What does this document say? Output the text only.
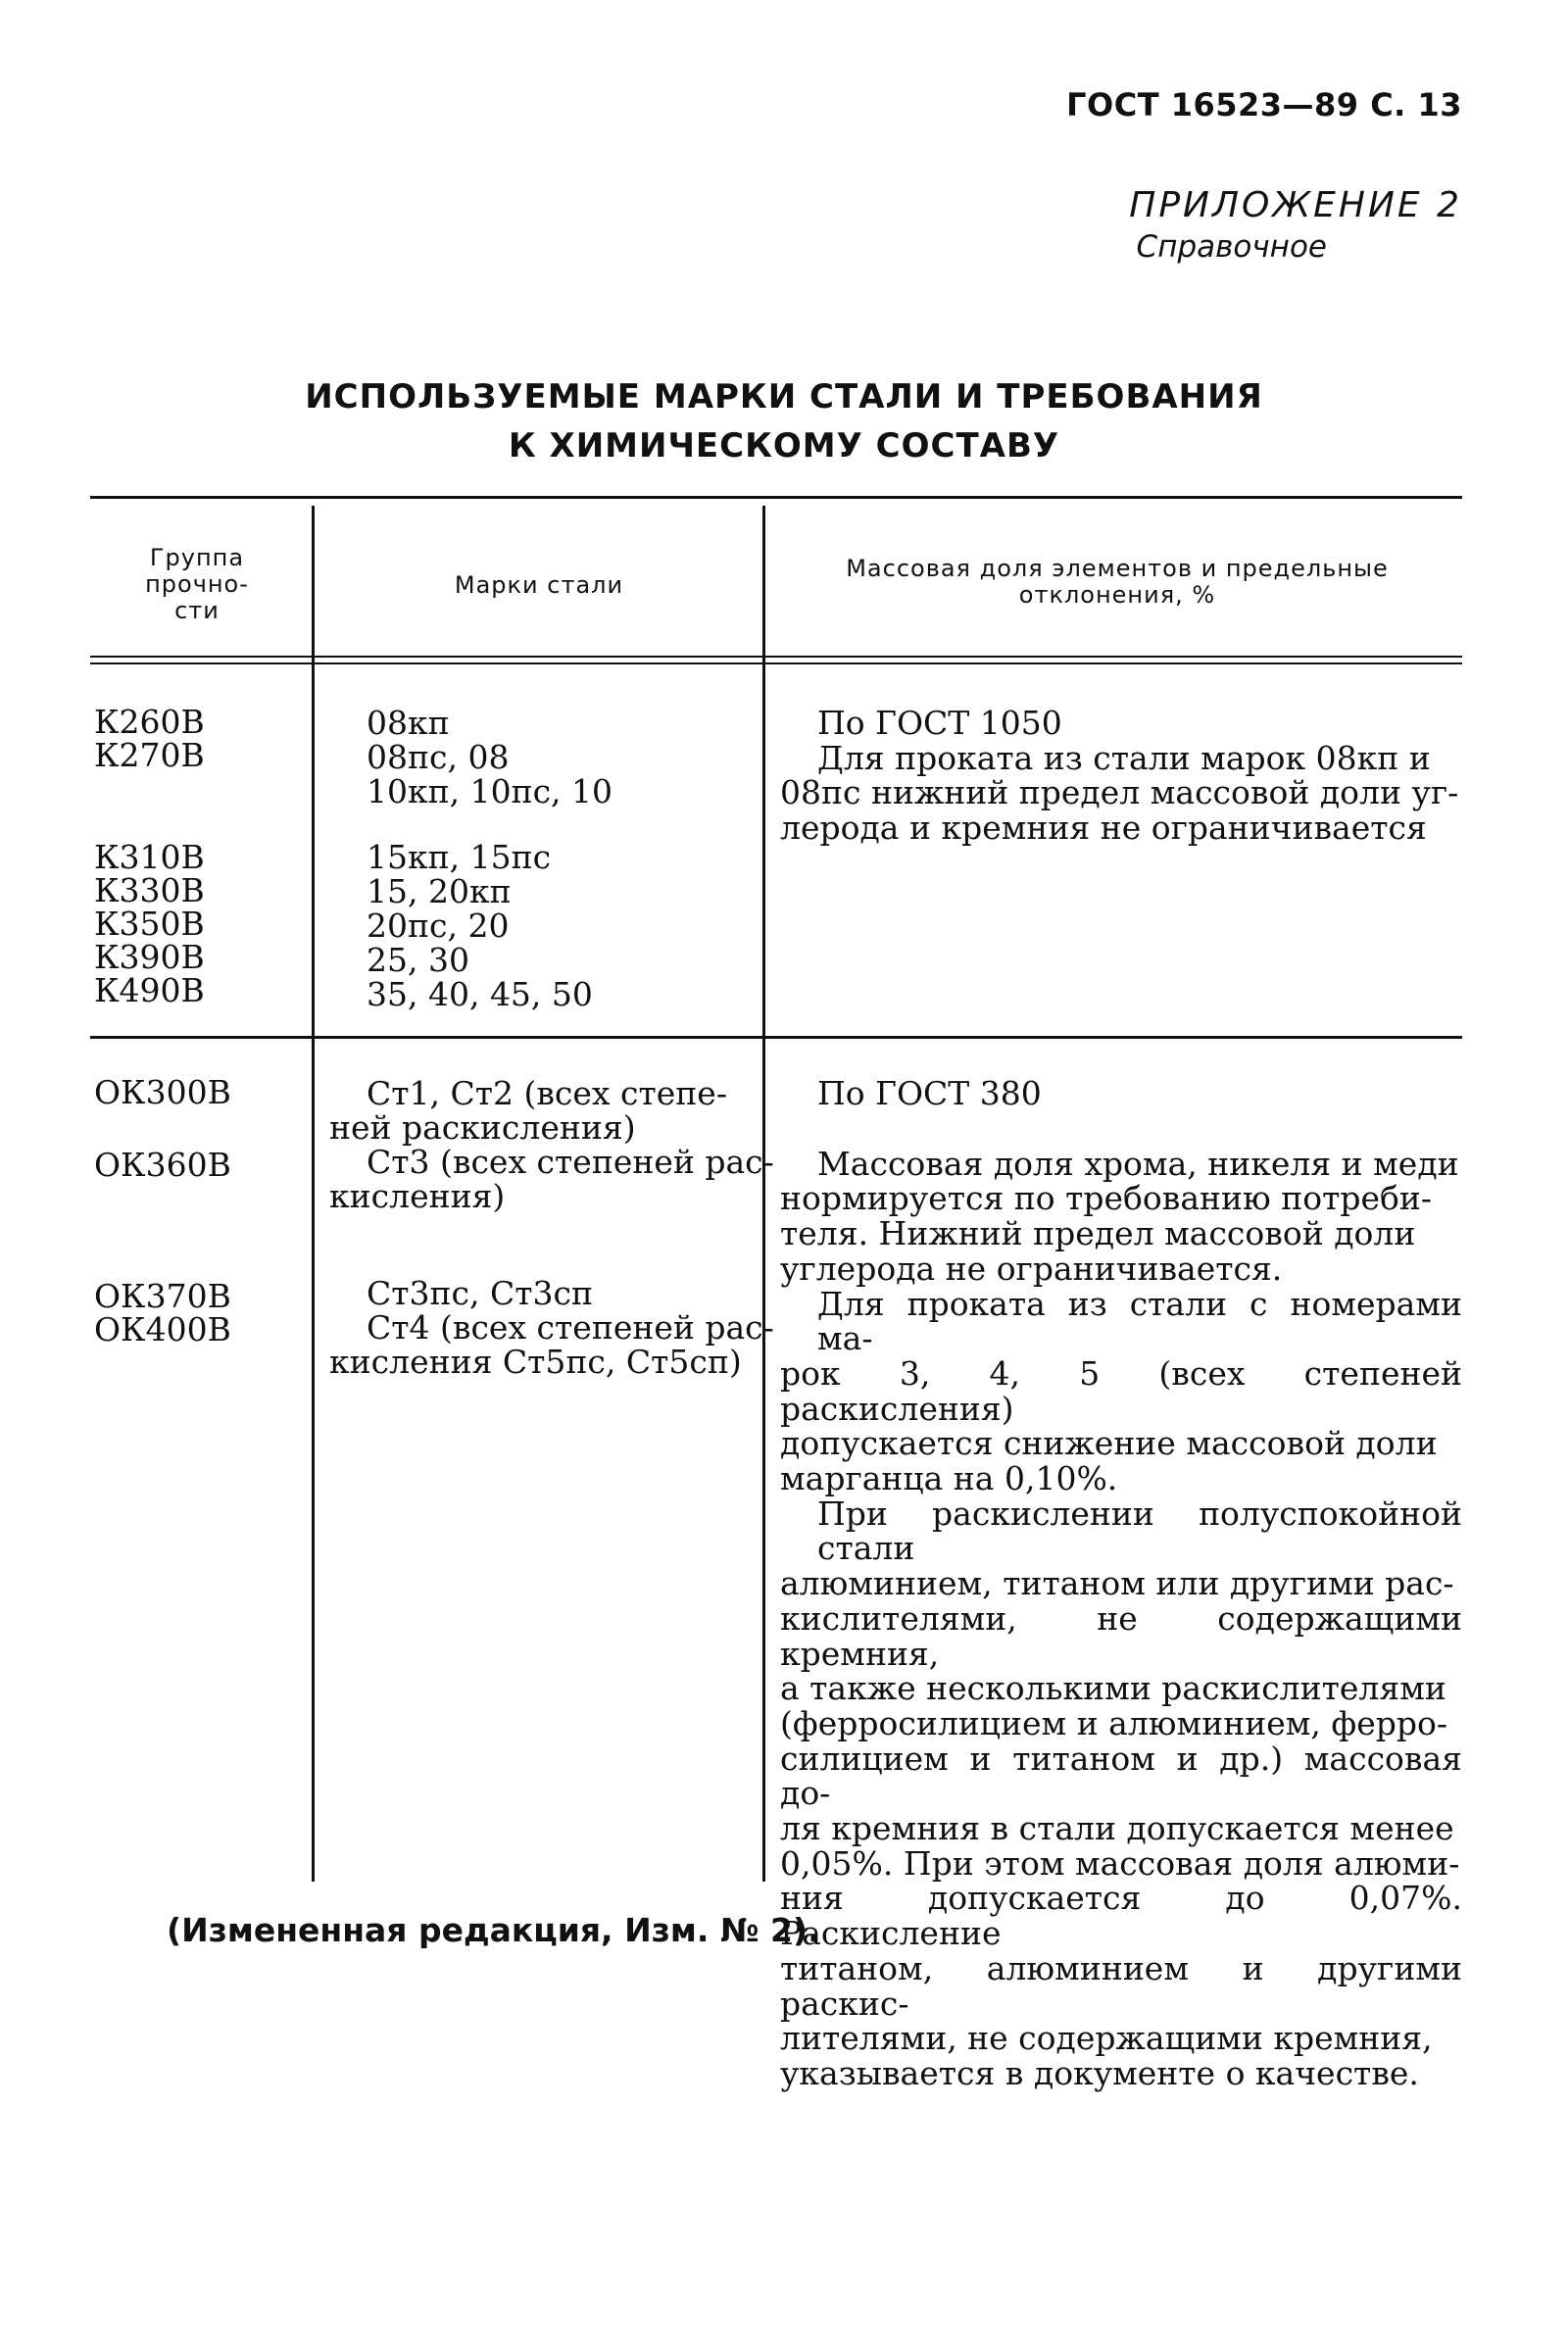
ГОСТ 16523—89 С. 13
ПРИЛОЖЕНИЕ 2
Справочное
ИСПОЛЬЗУЕМЫЕ МАРКИ СТАЛИ И ТРЕБОВАНИЯ
К ХИМИЧЕСКОМУ СОСТАВУ
Группа
прочно-
сти
Марки стали
Массовая доля элементов и предельные
отклонения, %
К260В
К270В
К310В
К330В
К350В
К390В
К490В
08кп
08пс, 08
10кп, 10пс, 10
15кп, 15пс
15, 20кп
20пс, 20
25, 30
35, 40, 45, 50
По ГОСТ 1050
Для проката из стали марок 08кп и
08пс нижний предел массовой доли уг-
лерода и кремния не ограничивается
ОК300В
ОК360В
ОК370В
ОК400В
Ст1, Ст2 (всех степе-
ней раскисления)
Ст3 (всех степеней рас-
кисления)
Ст3пс, Ст3сп
Ст4 (всех степеней рас-
кисления Ст5пс, Ст5сп)
По ГОСТ 380
Массовая доля хрома, никеля и меди
нормируется по требованию потреби-
теля. Нижний предел массовой доли
углерода не ограничивается.
Для проката из стали с номерами ма-
рок 3, 4, 5 (всех степеней раскисления)
допускается снижение массовой доли
марганца на 0,10%.
При раскислении полуспокойной стали
алюминием, титаном или другими рас-
кислителями, не содержащими кремния,
а также несколькими раскислителями
(ферросилицием и алюминием, ферро-
силицием и титаном и др.) массовая до-
ля кремния в стали допускается менее
0,05%. При этом массовая доля алюми-
ния допускается до 0,07%. Раскисление
титаном, алюминием и другими раскис-
лителями, не содержащими кремния,
указывается в документе о качестве.
(Измененная редакция, Изм. № 2).
